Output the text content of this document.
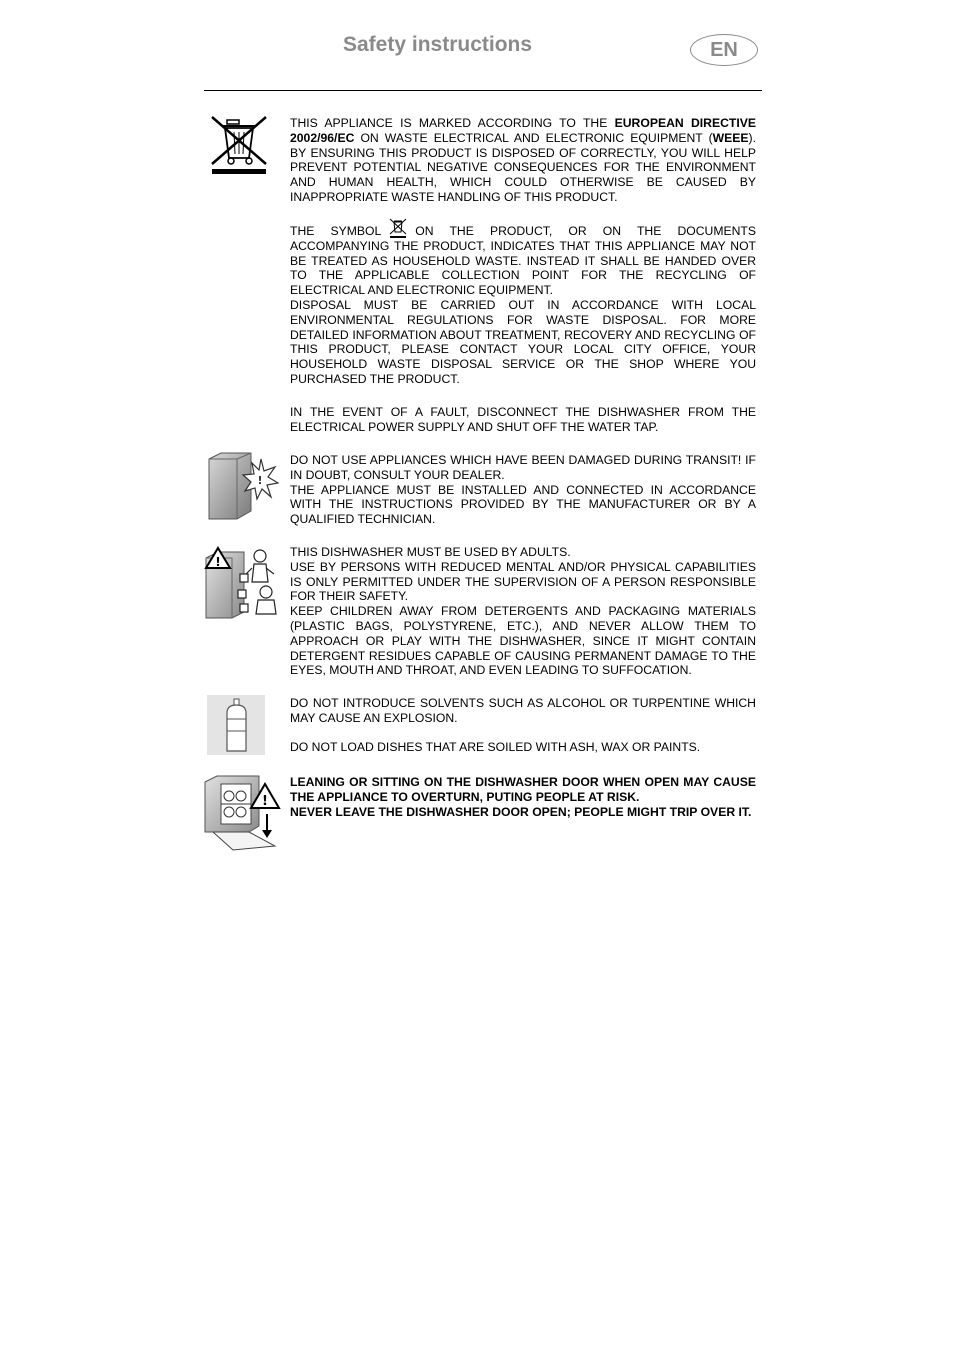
Safety instructions	EN

THIS APPLIANCE IS MARKED ACCORDING TO THE EUROPEAN DIRECTIVE 2002/96/EC ON WASTE ELECTRICAL AND ELECTRONIC EQUIPMENT (WEEE). BY ENSURING THIS PRODUCT IS DISPOSED OF CORRECTLY, YOU WILL HELP PREVENT POTENTIAL NEGATIVE CONSEQUENCES FOR THE ENVIRONMENT AND HUMAN HEALTH, WHICH COULD OTHERWISE BE CAUSED BY INAPPROPRIATE WASTE HANDLING OF THIS PRODUCT.

THE SYMBOL	ON THE PRODUCT, OR ON THE DOCUMENTS ACCOMPANYING THE PRODUCT, INDICATES THAT THIS APPLIANCE MAY NOT BE TREATED AS HOUSEHOLD WASTE. INSTEAD IT SHALL BE HANDED OVER TO THE APPLICABLE COLLECTION POINT FOR THE RECYCLING OF ELECTRICAL AND ELECTRONIC EQUIPMENT.

DISPOSAL MUST BE CARRIED OUT IN ACCORDANCE WITH LOCAL ENVIRONMENTAL REGULATIONS FOR WASTE DISPOSAL. FOR MORE DETAILED INFORMATION ABOUT TREATMENT, RECOVERY AND RECYCLING OF THIS PRODUCT, PLEASE CONTACT YOUR LOCAL CITY OFFICE, YOUR HOUSEHOLD WASTE DISPOSAL SERVICE OR THE SHOP WHERE YOU PURCHASED THE PRODUCT.

IN THE EVENT OF A FAULT, DISCONNECT THE DISHWASHER FROM THE ELECTRICAL POWER SUPPLY AND SHUT OFF THE WATER TAP.

!

DO NOT USE APPLIANCES WHICH HAVE BEEN DAMAGED DURING TRANSIT! IF IN DOUBT, CONSULT YOUR DEALER.

THE APPLIANCE MUST BE INSTALLED AND CONNECTED IN ACCORDANCE WITH THE INSTRUCTIONS PROVIDED BY THE MANUFACTURER OR BY A QUALIFIED TECHNICIAN.

!

THIS DISHWASHER MUST BE USED BY ADULTS.

USE BY PERSONS WITH REDUCED MENTAL AND/OR PHYSICAL CAPABILITIES IS ONLY PERMITTED UNDER THE SUPERVISION OF A PERSON RESPONSIBLE FOR THEIR SAFETY.

KEEP CHILDREN AWAY FROM DETERGENTS AND PACKAGING MATERIALS (PLASTIC BAGS, POLYSTYRENE, ETC.), AND NEVER ALLOW THEM TO APPROACH OR PLAY WITH THE DISHWASHER, SINCE IT MIGHT CONTAIN DETERGENT RESIDUES CAPABLE OF CAUSING PERMANENT DAMAGE TO THE EYES, MOUTH AND THROAT, AND EVEN LEADING TO SUFFOCATION.

DO NOT INTRODUCE SOLVENTS SUCH AS ALCOHOL OR TURPENTINE WHICH MAY CAUSE AN EXPLOSION.

DO NOT LOAD DISHES THAT ARE SOILED WITH ASH, WAX OR PAINTS.

!

LEANING OR SITTING ON THE DISHWASHER DOOR WHEN OPEN MAY CAUSE THE APPLIANCE TO OVERTURN, PUTING PEOPLE AT RISK.

NEVER LEAVE THE DISHWASHER DOOR OPEN; PEOPLE MIGHT TRIP OVER IT.
